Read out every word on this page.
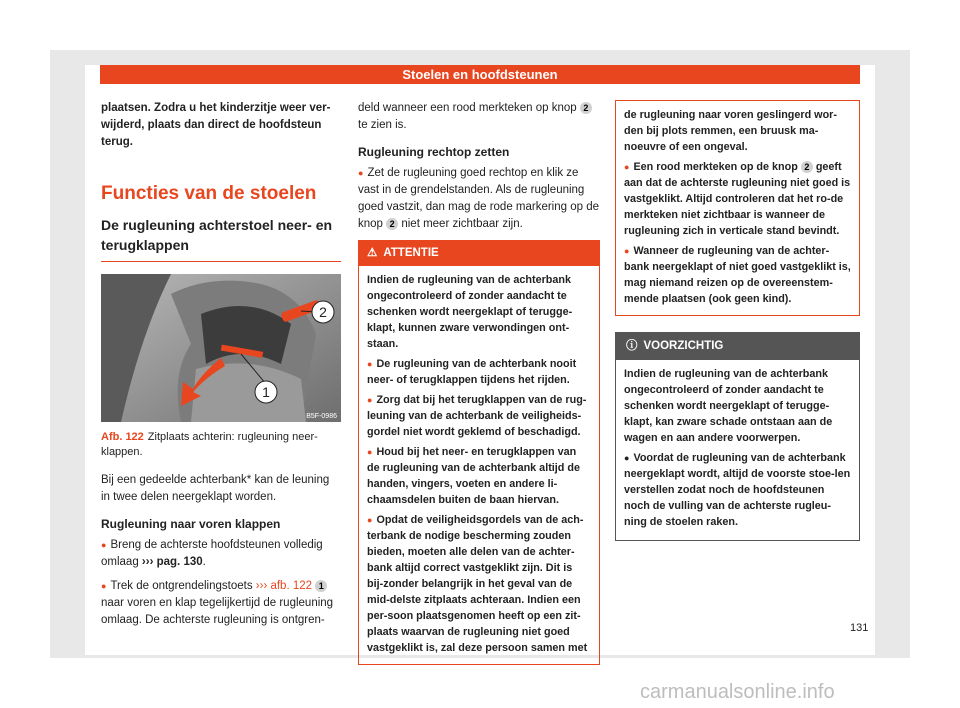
Stoelen en hoofdsteunen

plaatsen. Zodra u het kinderzitje weer ver-wijderd, plaats dan direct de hoofdsteun terug.

Functies van de stoelen
De rugleuning achterstoel neer- en terugklappen
2
1
B5F-0986
Afb. 122 Zitplaats achterin: rugleuning neer-klappen.

Bij een gedeelde achterbank* kan de leuning in twee delen neergeklapt worden.

Rugleuning naar voren klappen

● Breng de achterste hoofdsteunen volledig omlaag ››› pag. 130.

● Trek de ontgrendelingstoets ››› afb. 122 1 naar voren en klap tegelijkertijd de rugleuning omlaag. De achterste rugleuning is ontgren-

deld wanneer een rood merkteken op knop 2 te zien is.

Rugleuning rechtop zetten

● Zet de rugleuning goed rechtop en klik ze vast in de grendelstanden. Als de rugleuning goed vastzit, dan mag de rode markering op de knop 2 niet meer zichtbaar zijn.

⚠ ATTENTIE

Indien de rugleuning van de achterbank ongecontroleerd of zonder aandacht te schenken wordt neergeklapt of terugge-klapt, kunnen zware verwondingen ont-staan.

● De rugleuning van de achterbank nooit neer- of terugklappen tijdens het rijden.

● Zorg dat bij het terugklappen van de rug-leuning van de achterbank de veiligheids-gordel niet wordt geklemd of beschadigd.

● Houd bij het neer- en terugklappen van de rugleuning van de achterbank altijd de handen, vingers, voeten en andere li-chaamsdelen buiten de baan hiervan.

● Opdat de veiligheidsgordels van de ach-terbank de nodige bescherming zouden bieden, moeten alle delen van de achter-bank altijd correct vastgeklikt zijn. Dit is bij-zonder belangrijk in het geval van de mid-delste zitplaats achteraan. Indien een per-soon plaatsgenomen heeft op een zit-plaats waarvan de rugleuning niet goed vastgeklikt is, zal deze persoon samen met

de rugleuning naar voren geslingerd wor-den bij plots remmen, een bruusk ma-noeuvre of een ongeval.

● Een rood merkteken op de knop 2 geeft aan dat de achterste rugleuning niet goed is vastgeklikt. Altijd controleren dat het ro-de merkteken niet zichtbaar is wanneer de rugleuning zich in verticale stand bevindt.

● Wanneer de rugleuning van de achter-bank neergeklapt of niet goed vastgeklikt is, mag niemand reizen op de overeenstem-mende plaatsen (ook geen kind).

ⓘ VOORZICHTIG

Indien de rugleuning van de achterbank ongecontroleerd of zonder aandacht te schenken wordt neergeklapt of terugge-klapt, kan zware schade ontstaan aan de wagen en aan andere voorwerpen.

● Voordat de rugleuning van de achterbank neergeklapt wordt, altijd de voorste stoe-len verstellen zodat noch de hoofdsteunen noch de vulling van de achterste rugleu-ning de stoelen raken.

131
carmanualsonline.info
